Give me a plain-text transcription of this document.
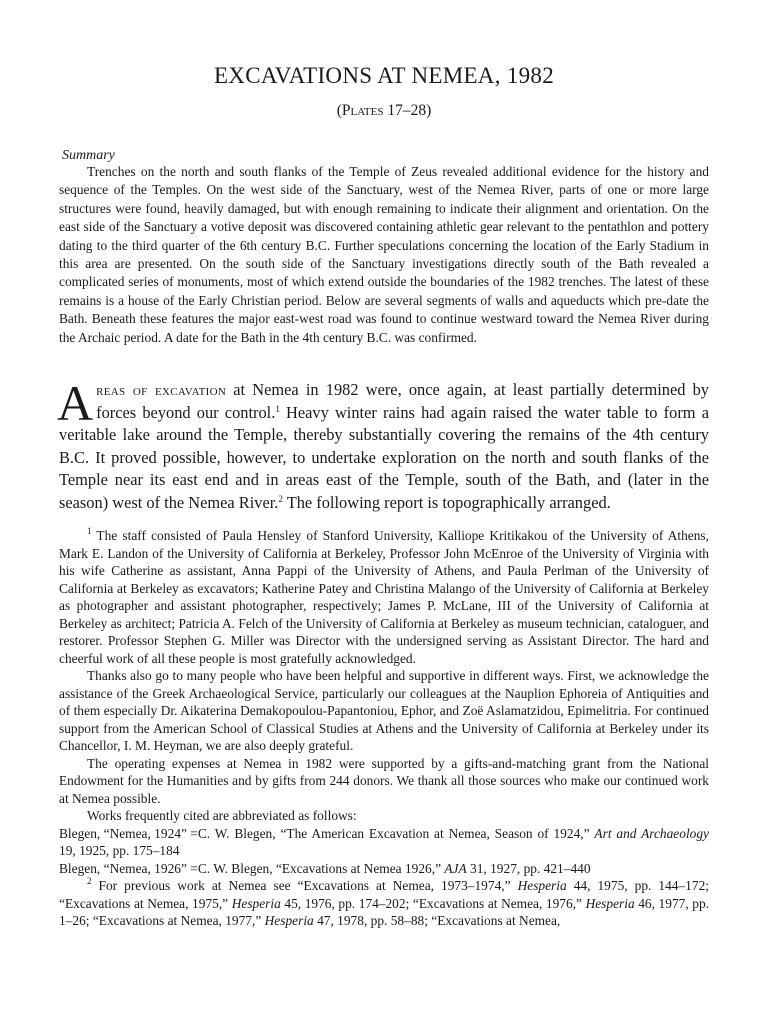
EXCAVATIONS AT NEMEA, 1982

(Plates 17–28)

Summary

Trenches on the north and south flanks of the Temple of Zeus revealed additional evidence for the history and sequence of the Temples. On the west side of the Sanctuary, west of the Nemea River, parts of one or more large structures were found, heavily damaged, but with enough remaining to indicate their alignment and orientation. On the east side of the Sanctuary a votive deposit was discovered containing athletic gear relevant to the pentathlon and pottery dating to the third quarter of the 6th century B.C. Further speculations concerning the location of the Early Stadium in this area are presented. On the south side of the Sanctuary investigations directly south of the Bath revealed a complicated series of monuments, most of which extend outside the boundaries of the 1982 trenches. The latest of these remains is a house of the Early Christian period. Below are several segments of walls and aqueducts which pre-date the Bath. Beneath these features the major east-west road was found to continue westward toward the Nemea River during the Archaic period. A date for the Bath in the 4th century B.C. was confirmed.

Areas of excavation at Nemea in 1982 were, once again, at least partially determined by forces beyond our control.$^1$ Heavy winter rains had again raised the water table to form a veritable lake around the Temple, thereby substantially covering the remains of the 4th century B.C. It proved possible, however, to undertake exploration on the north and south flanks of the Temple near its east end and in areas east of the Temple, south of the Bath, and (later in the season) west of the Nemea River.$^2$ The following report is topographically arranged.

$^1$ The staff consisted of Paula Hensley of Stanford University, Kalliope Kritikakou of the University of Athens, Mark E. Landon of the University of California at Berkeley, Professor John McEnroe of the University of Virginia with his wife Catherine as assistant, Anna Pappi of the University of Athens, and Paula Perlman of the University of California at Berkeley as excavators; Katherine Patey and Christina Malango of the University of California at Berkeley as photographer and assistant photographer, respectively; James P. McLane, III of the University of California at Berkeley as architect; Patricia A. Felch of the University of California at Berkeley as museum technician, cataloguer, and restorer. Professor Stephen G. Miller was Director with the undersigned serving as Assistant Director. The hard and cheerful work of all these people is most gratefully acknowledged.

Thanks also go to many people who have been helpful and supportive in different ways. First, we acknowledge the assistance of the Greek Archaeological Service, particularly our colleagues at the Nauplion Ephoreia of Antiquities and of them especially Dr. Aikaterina Demakopoulou-Papantoniou, Ephor, and Zoë Aslamatzidou, Epimelitria. For continued support from the American School of Classical Studies at Athens and the University of California at Berkeley under its Chancellor, I. M. Heyman, we are also deeply grateful.

The operating expenses at Nemea in 1982 were supported by a gifts-and-matching grant from the National Endowment for the Humanities and by gifts from 244 donors. We thank all those sources who make our continued work at Nemea possible.

Works frequently cited are abbreviated as follows:

Blegen, “Nemea, 1924” =C. W. Blegen, “The American Excavation at Nemea, Season of 1924,” Art and Archaeology 19, 1925, pp. 175–184
Blegen, “Nemea, 1926” =C. W. Blegen, “Excavations at Nemea 1926,” AJA 31, 1927, pp. 421–440

$^2$ For previous work at Nemea see “Excavations at Nemea, 1973–1974,” Hesperia 44, 1975, pp. 144–172; “Excavations at Nemea, 1975,” Hesperia 45, 1976, pp. 174–202; “Excavations at Nemea, 1976,” Hesperia 46, 1977, pp. 1–26; “Excavations at Nemea, 1977,” Hesperia 47, 1978, pp. 58–88; “Excavations at Nemea,
